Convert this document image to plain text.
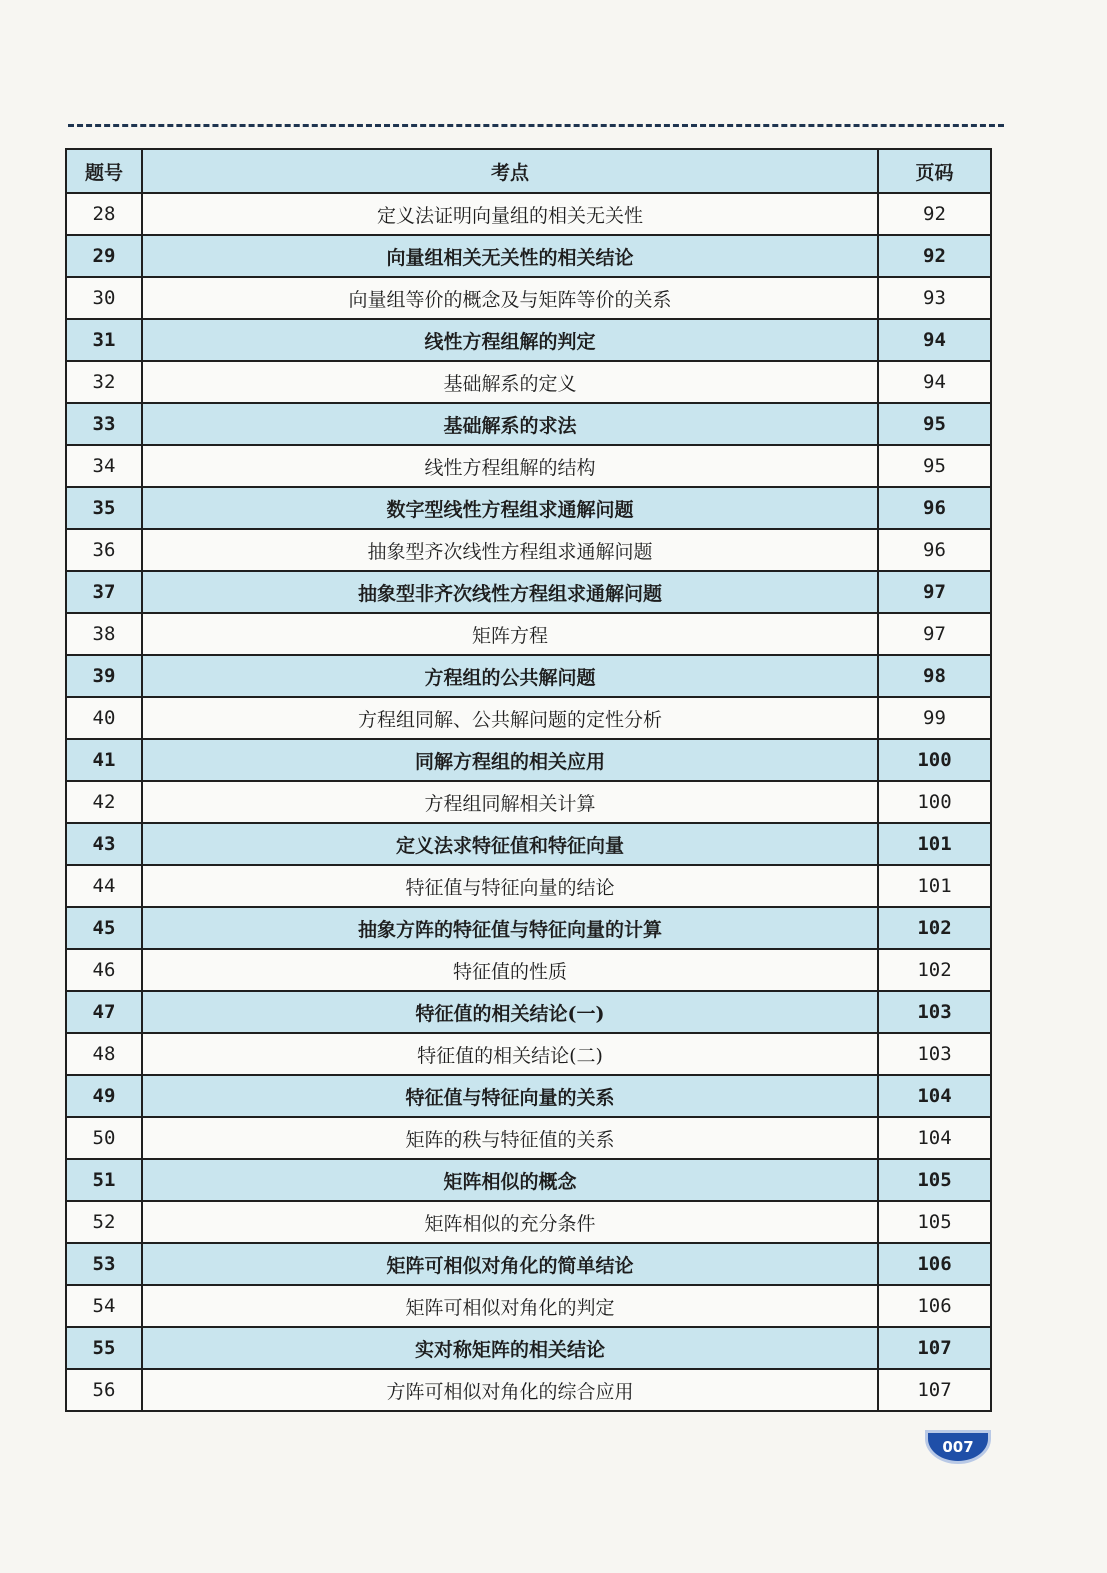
题号	考点	页码
28	定义法证明向量组的相关无关性	92
29	向量组相关无关性的相关结论	92
30	向量组等价的概念及与矩阵等价的关系	93
31	线性方程组解的判定	94
32	基础解系的定义	94
33	基础解系的求法	95
34	线性方程组解的结构	95
35	数字型线性方程组求通解问题	96
36	抽象型齐次线性方程组求通解问题	96
37	抽象型非齐次线性方程组求通解问题	97
38	矩阵方程	97
39	方程组的公共解问题	98
40	方程组同解、公共解问题的定性分析	99
41	同解方程组的相关应用	100
42	方程组同解相关计算	100
43	定义法求特征值和特征向量	101
44	特征值与特征向量的结论	101
45	抽象方阵的特征值与特征向量的计算	102
46	特征值的性质	102
47	特征值的相关结论(一)	103
48	特征值的相关结论(二)	103
49	特征值与特征向量的关系	104
50	矩阵的秩与特征值的关系	104
51	矩阵相似的概念	105
52	矩阵相似的充分条件	105
53	矩阵可相似对角化的简单结论	106
54	矩阵可相似对角化的判定	106
55	实对称矩阵的相关结论	107
56	方阵可相似对角化的综合应用	107
007
